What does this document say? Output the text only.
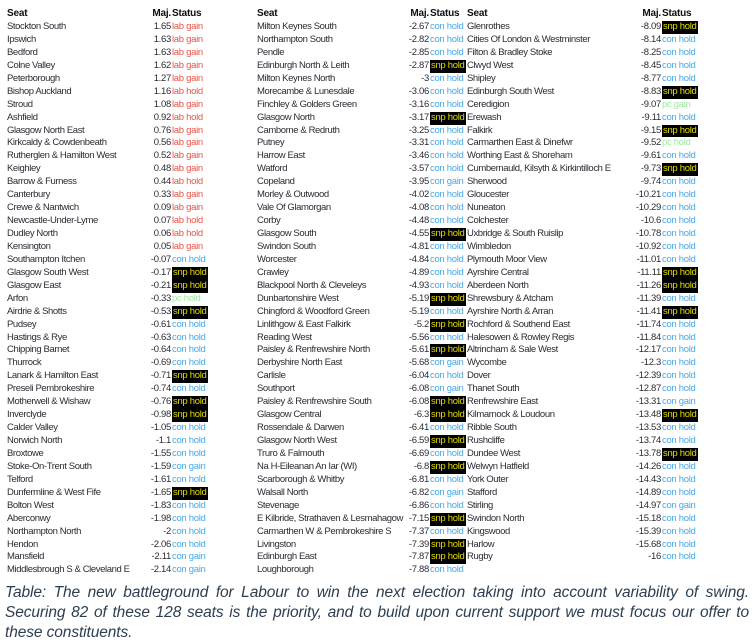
Seat	Maj. Status
Stockton South	1.65 lab gain
Ipswich	1.63 lab gain
Bedford	1.63 lab gain
Colne Valley	1.62 lab gain
Peterborough	1.27 lab gain
Bishop Auckland	1.16 lab hold
Stroud	1.08 lab gain
Ashfield	0.92 lab hold
Glasgow North East	0.76 lab gain
Kirkcaldy & Cowdenbeath	0.56 lab gain
Rutherglen & Hamilton West	0.52 lab gain
Keighley	0.48 lab gain
Barrow & Furness	0.44 lab hold
Canterbury	0.33 lab gain
Crewe & Nantwich	0.09 lab gain
Newcastle-Under-Lyme	0.07 lab hold
Dudley North	0.06 lab hold
Kensington	0.05 lab gain
Southampton Itchen	-0.07 con hold
Glasgow South West	-0.17 snp hold
Glasgow East	-0.21 snp hold
Arfon	-0.33 pc hold
Airdrie & Shotts	-0.53 snp hold
Pudsey	-0.61 con hold
Hastings & Rye	-0.63 con hold
Chipping Barnet	-0.64 con hold
Thurrock	-0.69 con hold
Lanark & Hamilton East	-0.71 snp hold
Preseli Pembrokeshire	-0.74 con hold
Motherwell & Wishaw	-0.76 snp hold
Inverclyde	-0.98 snp hold
Calder Valley	-1.05 con hold
Norwich North	-1.1 con hold
Broxtowe	-1.55 con hold
Stoke-On-Trent South	-1.59 con gain
Telford	-1.61 con hold
Dunfermline & West Fife	-1.65 snp hold
Bolton West	-1.83 con hold
Aberconwy	-1.98 con hold
Northampton North	-2 con hold
Hendon	-2.06 con hold
Mansfield	-2.11 con gain
Middlesbrough S & Cleveland E	-2.14 con gain
Seat	Maj. Status
Milton Keynes South	-2.67 con hold
Northampton South	-2.82 con hold
Pendle	-2.85 con hold
Edinburgh North & Leith	-2.87 snp hold
Milton Keynes North	-3 con hold
Morecambe & Lunesdale	-3.06 con hold
Finchley & Golders Green	-3.16 con hold
Glasgow North	-3.17 snp hold
Camborne & Redruth	-3.25 con hold
Putney	-3.31 con hold
Harrow East	-3.46 con hold
Watford	-3.57 con hold
Copeland	-3.95 con gain
Morley & Outwood	-4.02 con hold
Vale Of Glamorgan	-4.08 con hold
Corby	-4.48 con hold
Glasgow South	-4.55 snp hold
Swindon South	-4.81 con hold
Worcester	-4.84 con hold
Crawley	-4.89 con hold
Blackpool North & Cleveleys	-4.93 con hold
Dunbartonshire West	-5.19 snp hold
Chingford & Woodford Green	-5.19 con hold
Linlithgow & East Falkirk	-5.2 snp hold
Reading West	-5.56 con hold
Paisley & Renfrewshire North	-5.61 snp hold
Derbyshire North East	-5.68 con gain
Carlisle	-6.04 con hold
Southport	-6.08 con gain
Paisley & Renfrewshire South	-6.08 snp hold
Glasgow Central	-6.3 snp hold
Rossendale & Darwen	-6.41 con hold
Glasgow North West	-6.59 snp hold
Truro & Falmouth	-6.69 con hold
Na H-Eileanan An Iar (WI)	-6.8 snp hold
Scarborough & Whitby	-6.81 con hold
Walsall North	-6.82 con gain
Stevenage	-6.86 con hold
E Kilbride, Strathaven & Lesmahagow -7.15 snp hold
Carmarthen W & Pembrokeshire S	-7.37 con hold
Livingston	-7.39 snp hold
Edinburgh East	-7.87 snp hold
Loughborough	-7.88 con hold
Seat	Maj. Status
Glenrothes	-8.09 snp hold
Cities Of London & Westminster	-8.14 con hold
Filton & Bradley Stoke	-8.25 con hold
Clwyd West	-8.45 con hold
Shipley	-8.77 con hold
Edinburgh South West	-8.83 snp hold
Ceredigion	-9.07 pc gain
Erewash	-9.11 con hold
Falkirk	-9.15 snp hold
Carmarthen East & Dinefwr	-9.52 pc hold
Worthing East & Shoreham	-9.61 con hold
Cumbernauld, Kilsyth & Kirkintilloch E	-9.73 snp hold
Sherwood	-9.74 con hold
Gloucester	-10.21 con hold
Nuneaton	-10.29 con hold
Colchester	-10.6 con hold
Uxbridge & South Ruislip	-10.78 con hold
Wimbledon	-10.92 con hold
Plymouth Moor View	-11.01 con hold
Ayrshire Central	-11.11 snp hold
Aberdeen North	-11.26 snp hold
Shrewsbury & Atcham	-11.39 con hold
Ayrshire North & Arran	-11.41 snp hold
Rochford & Southend East	-11.74 con hold
Halesowen & Rowley Regis	-11.84 con hold
Altrincham & Sale West	-12.17 con hold
Wycombe	-12.3 con hold
Dover	-12.39 con hold
Thanet South	-12.87 con hold
Renfrewshire East	-13.31 con gain
Kilmarnock & Loudoun	-13.48 snp hold
Ribble South	-13.53 con hold
Rushcliffe	-13.74 con hold
Dundee West	-13.78 snp hold
Welwyn Hatfield	-14.26 con hold
York Outer	-14.43 con hold
Stafford	-14.89 con hold
Stirling	-14.97 con gain
Swindon North	-15.18 con hold
Kingswood	-15.39 con hold
Harlow	-15.68 con hold
Rugby	-16 con hold

Table: The new battleground for Labour to win the next election taking into account variability of swing. Securing 82 of these 128 seats is the priority, and to build upon current support we must focus our offer to these constituents.
